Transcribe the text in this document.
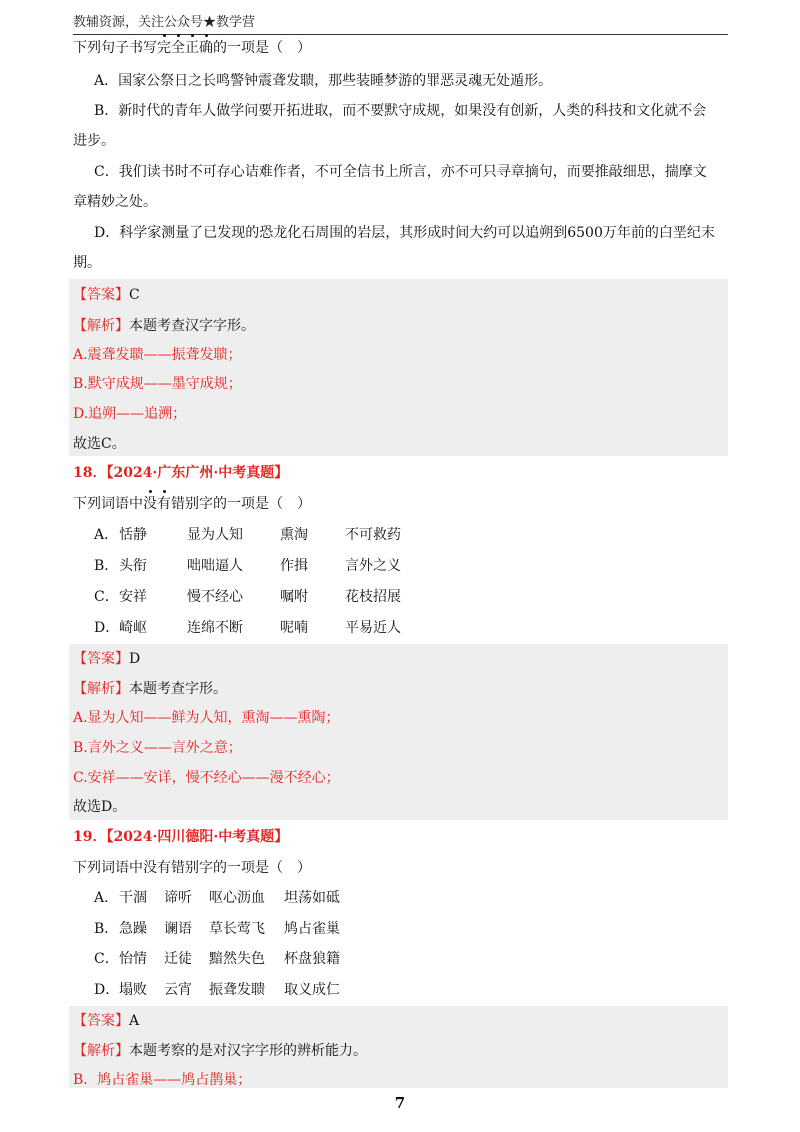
教辅资源，关注公众号★教学营
下列句子书写完全正确的一项是（　）
A．国家公祭日之长鸣警钟震聋发聩，那些装睡梦游的罪恶灵魂无处遁形。
B．新时代的青年人做学问要开拓进取，而不要默守成规，如果没有创新，人类的科技和文化就不会
进步。
C．我们读书时不可存心诘难作者，不可全信书上所言，亦不可只寻章摘句，而要推敲细思，揣摩文
章精妙之处。
D．科学家测量了已发现的恐龙化石周围的岩层，其形成时间大约可以追朔到6500万年前的白垩纪末
期。
【答案】C
【解析】本题考查汉字字形。
A.震聋发聩——振聋发聩；
B.默守成规——墨守成规；
D.追朔——追溯；
故选C。
18．【2024·广东广州·中考真题】
下列词语中没有错别字的一项是（　）
A．恬静	显为人知	熏淘	不可救药
B．头衔	咄咄逼人	作揖	言外之义
C．安祥	慢不经心	嘱咐	花枝招展
D．崎岖	连绵不断	呢喃	平易近人
【答案】D
【解析】本题考查字形。
A.显为人知——鲜为人知，熏淘——熏陶；
B.言外之义——言外之意；
C.安祥——安详，慢不经心——漫不经心；
故选D。
19．【2024·四川德阳·中考真题】
下列词语中没有错别字的一项是（　）
A．干涸 谛听 呕心沥血 坦荡如砥
B．急躁 谰语 草长莺飞 鸠占雀巢
C．怡情 迁徒 黯然失色 杯盘狼籍
D．塌败 云宵 振聋发聩 取义成仁
【答案】A
【解析】本题考察的是对汉字字形的辨析能力。
B．鸠占雀巢——鸠占鹊巢；
7
